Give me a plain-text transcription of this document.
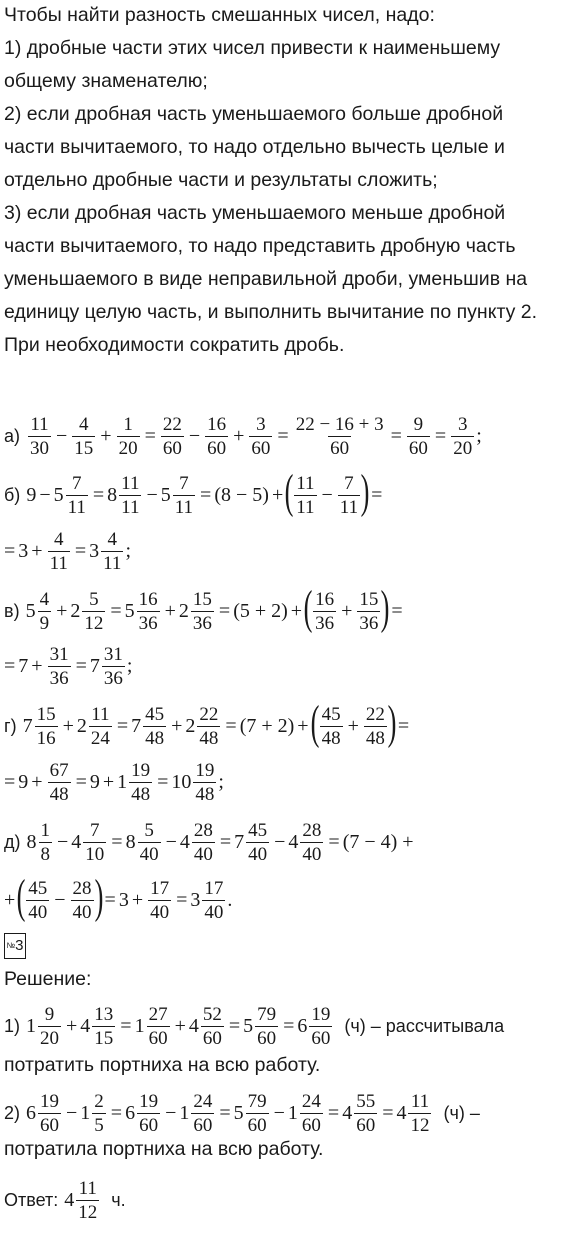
Чтобы найти разность смешанных чисел, надо:
1) дробные части этих чисел привести к наименьшему
общему знаменателю;
2) если дробная часть уменьшаемого больше дробной
части вычитаемого, то надо отдельно вычесть целые и
отдельно дробные части и результаты сложить;
3) если дробная часть уменьшаемого меньше дробной
части вычитаемого, то надо представить дробную часть
уменьшаемого в виде неправильной дроби, уменьшив на
единицу целую часть, и выполнить вычитание по пункту 2.
При необходимости сократить дробь.
$а) \frac{11}{30} - \frac{4}{15} + \frac{1}{20} = \frac{22}{60} - \frac{16}{60} + \frac{3}{60} = \frac{22 - 16 + 3}{60} = \frac{9}{60} = \frac{3}{20}$ ;
б) $9 - 5 \frac{7}{11} = 8 \frac{11}{11} - 5 \frac{7}{11} = (8 - 5)$ + ( $\frac{11}{11} - \frac{7}{11}$ ) =
= $3 + \frac{4}{11} = 3 \frac{4}{11}$ ;
в) $5 \frac{4}{9} + 2 \frac{5}{12} = 5 \frac{16}{36} + 2 \frac{15}{36} = (5 + 2)$ + ( $\frac{16}{36} + \frac{15}{36}$ ) =
= $7 + \frac{31}{36} = 7 \frac{31}{36}$ ;
г) $7 \frac{15}{16} + 2 \frac{11}{24} = 7 \frac{45}{48} + 2 \frac{22}{48} = (7 + 2)$ + ( $\frac{45}{48} + \frac{22}{48}$ ) =
= $9 + \frac{67}{48} = 9 + 1 \frac{19}{48} = 10 \frac{19}{48}$ ;
д) $8 \frac{1}{8} - 4 \frac{7}{10} = 8 \frac{5}{40} - 4 \frac{28}{40} = 7 \frac{45}{40} - 4 \frac{28}{40} = (7 - 4)$ +
+ ( $\frac{45}{40} - \frac{28}{40}$ ) = $3 + \frac{17}{40} = 3 \frac{17}{40}$ .
№3
Решение:
1) $1 \frac{9}{20} + 4 \frac{13}{15} = 1 \frac{27}{60} + 4 \frac{52}{60} = 5 \frac{79}{60} = 6 \frac{19}{60} (ч)$ – рассчитывала
потратить портниха на всю работу.
2) $6 \frac{19}{60} - 1 \frac{2}{5} = 6 \frac{19}{60} - 1 \frac{24}{60} = 5 \frac{79}{60} - 1 \frac{24}{60} = 4 \frac{55}{60} = 4 \frac{11}{12} (ч)$ –
потратила портниха на всю работу.
Ответ: $4 \frac{11}{12} ч$.
